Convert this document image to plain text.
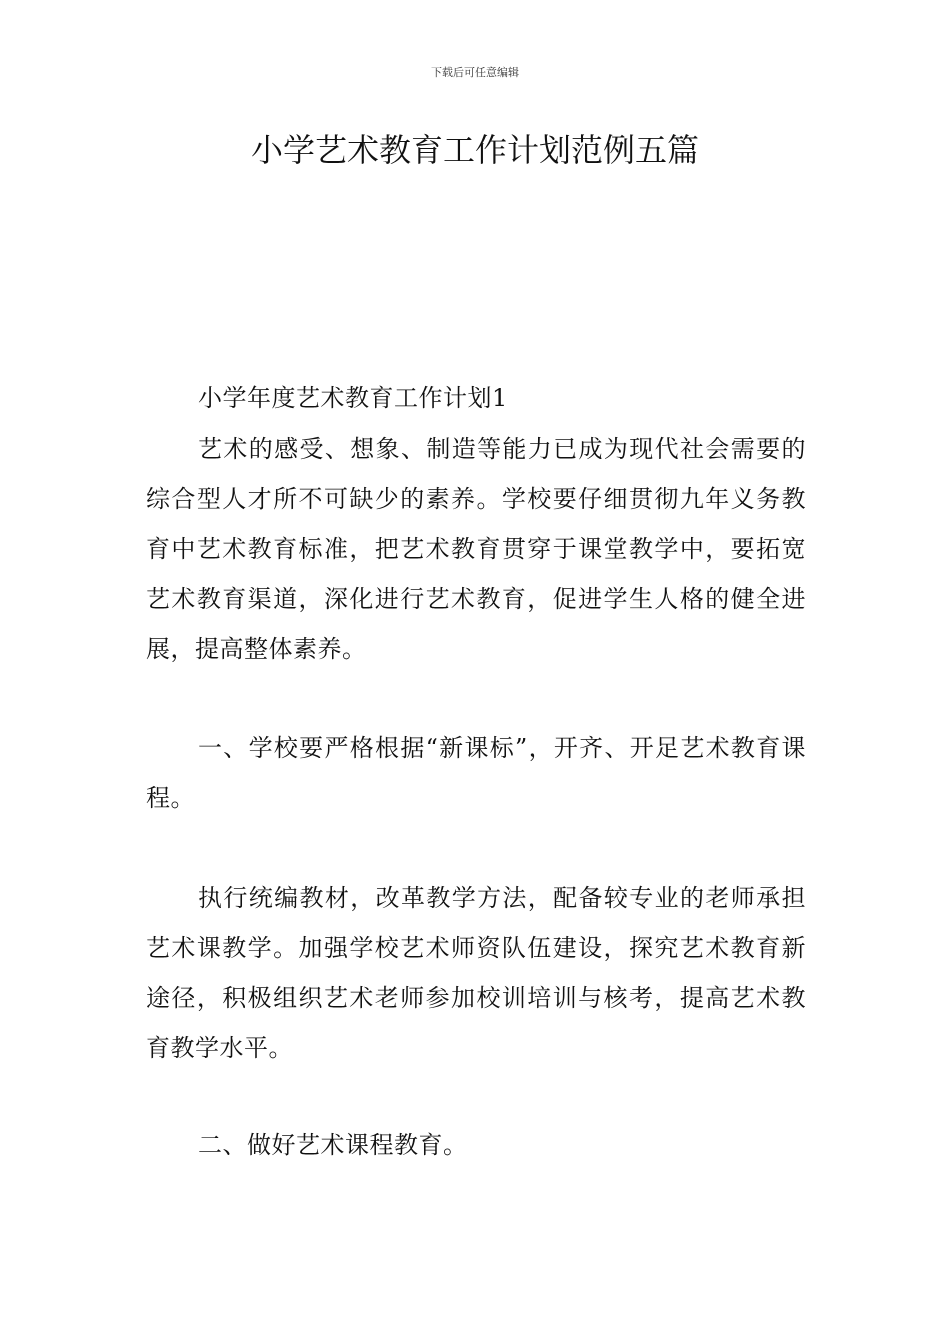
下载后可任意编辑
小学艺术教育工作计划范例五篇

小学年度艺术教育工作计划1

艺术的感受、想象、制造等能力已成为现代社会需要的综合型人才所不可缺少的素养。学校要仔细贯彻九年义务教育中艺术教育标准，把艺术教育贯穿于课堂教学中，要拓宽艺术教育渠道，深化进行艺术教育，促进学生人格的健全进展，提高整体素养。

一、学校要严格根据“新课标”，开齐、开足艺术教育课程。

执行统编教材，改革教学方法，配备较专业的老师承担艺术课教学。加强学校艺术师资队伍建设，探究艺术教育新途径，积极组织艺术老师参加校训培训与核考，提高艺术教育教学水平。

二、做好艺术课程教育。
